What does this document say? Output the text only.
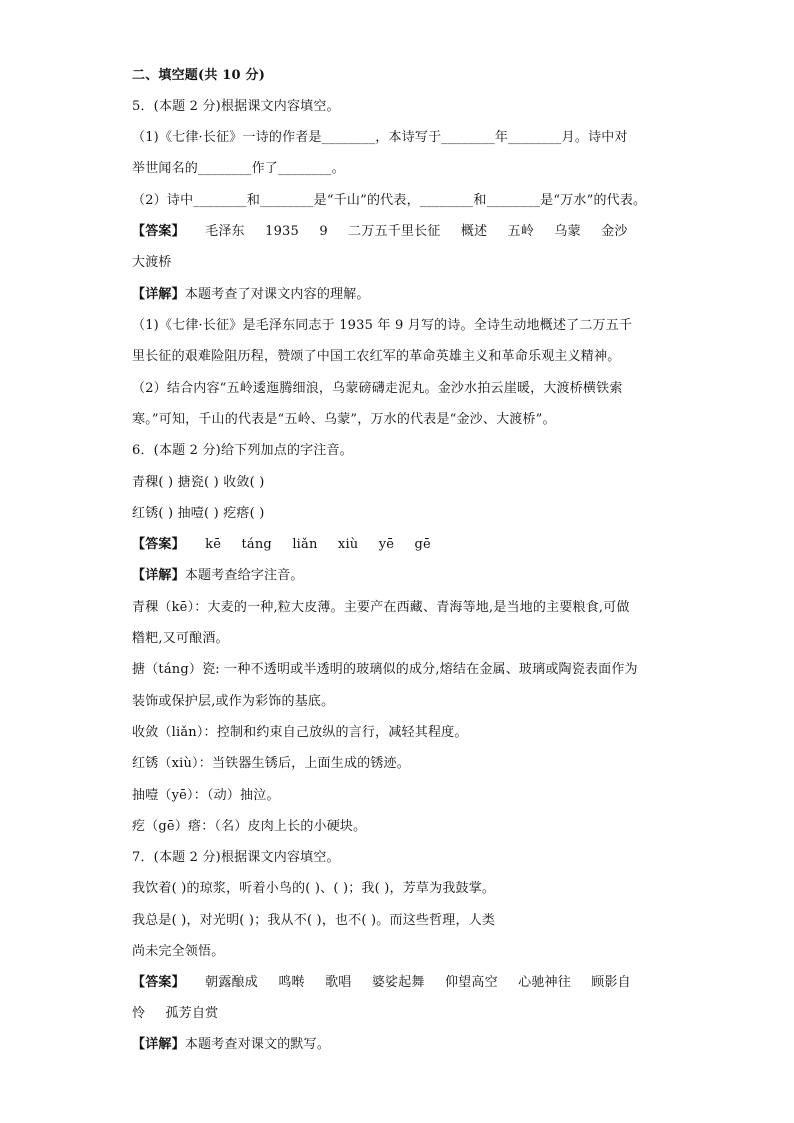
二、填空题(共 10 分)
5．(本题 2 分)根据课文内容填空。
（1)《七律·长征》一诗的作者是________，本诗写于________年________月。诗中对
举世闻名的________作了________。
（2）诗中________和________是“千山”的代表，________和________是“万水”的代表。
【答案】 毛泽东 1935 9 二万五千里长征 概述 五岭 乌蒙 金沙
大渡桥
【详解】本题考查了对课文内容的理解。
（1)《七律·长征》是毛泽东同志于 1935 年 9 月写的诗。全诗生动地概述了二万五千
里长征的艰难险阻历程，赞颂了中国工农红军的革命英雄主义和革命乐观主义精神。
（2）结合内容“五岭逶迤腾细浪，乌蒙磅礴走泥丸。金沙水拍云崖暖，大渡桥横铁索
寒。”可知，千山的代表是“五岭、乌蒙”，万水的代表是“金沙、大渡桥”。
6．(本题 2 分)给下列加点的字注音。
青稞( ) 搪瓷( ) 收敛( )
红锈( ) 抽噎( ) 疙瘩( )
【答案】 kē táng liǎn xiù yē gē
【详解】本题考查给字注音。
青稞（kē）：大麦的一种,粒大皮薄。主要产在西藏、青海等地,是当地的主要粮食,可做
糌粑,又可酿酒。
搪（táng）瓷: 一种不透明或半透明的玻璃似的成分,熔结在金属、玻璃或陶瓷表面作为
装饰或保护层,或作为彩饰的基底。
收敛（liǎn）：控制和约束自己放纵的言行，减轻其程度。
红锈（xiù）：当铁器生锈后，上面生成的锈迹。
抽噎（yē）：（动）抽泣。
疙（gē）瘩：（名）皮肉上长的小硬块。
7．(本题 2 分)根据课文内容填空。
我饮着( )的琼浆，听着小鸟的( )、( )；我( )，芳草为我鼓掌。
我总是( )，对光明( )；我从不( )，也不( )。而这些哲理，人类
尚未完全领悟。
【答案】 朝露酿成 鸣啭 歌唱 婆娑起舞 仰望高空 心驰神往 顾影自
怜 孤芳自赏
【详解】本题考查对课文的默写。
